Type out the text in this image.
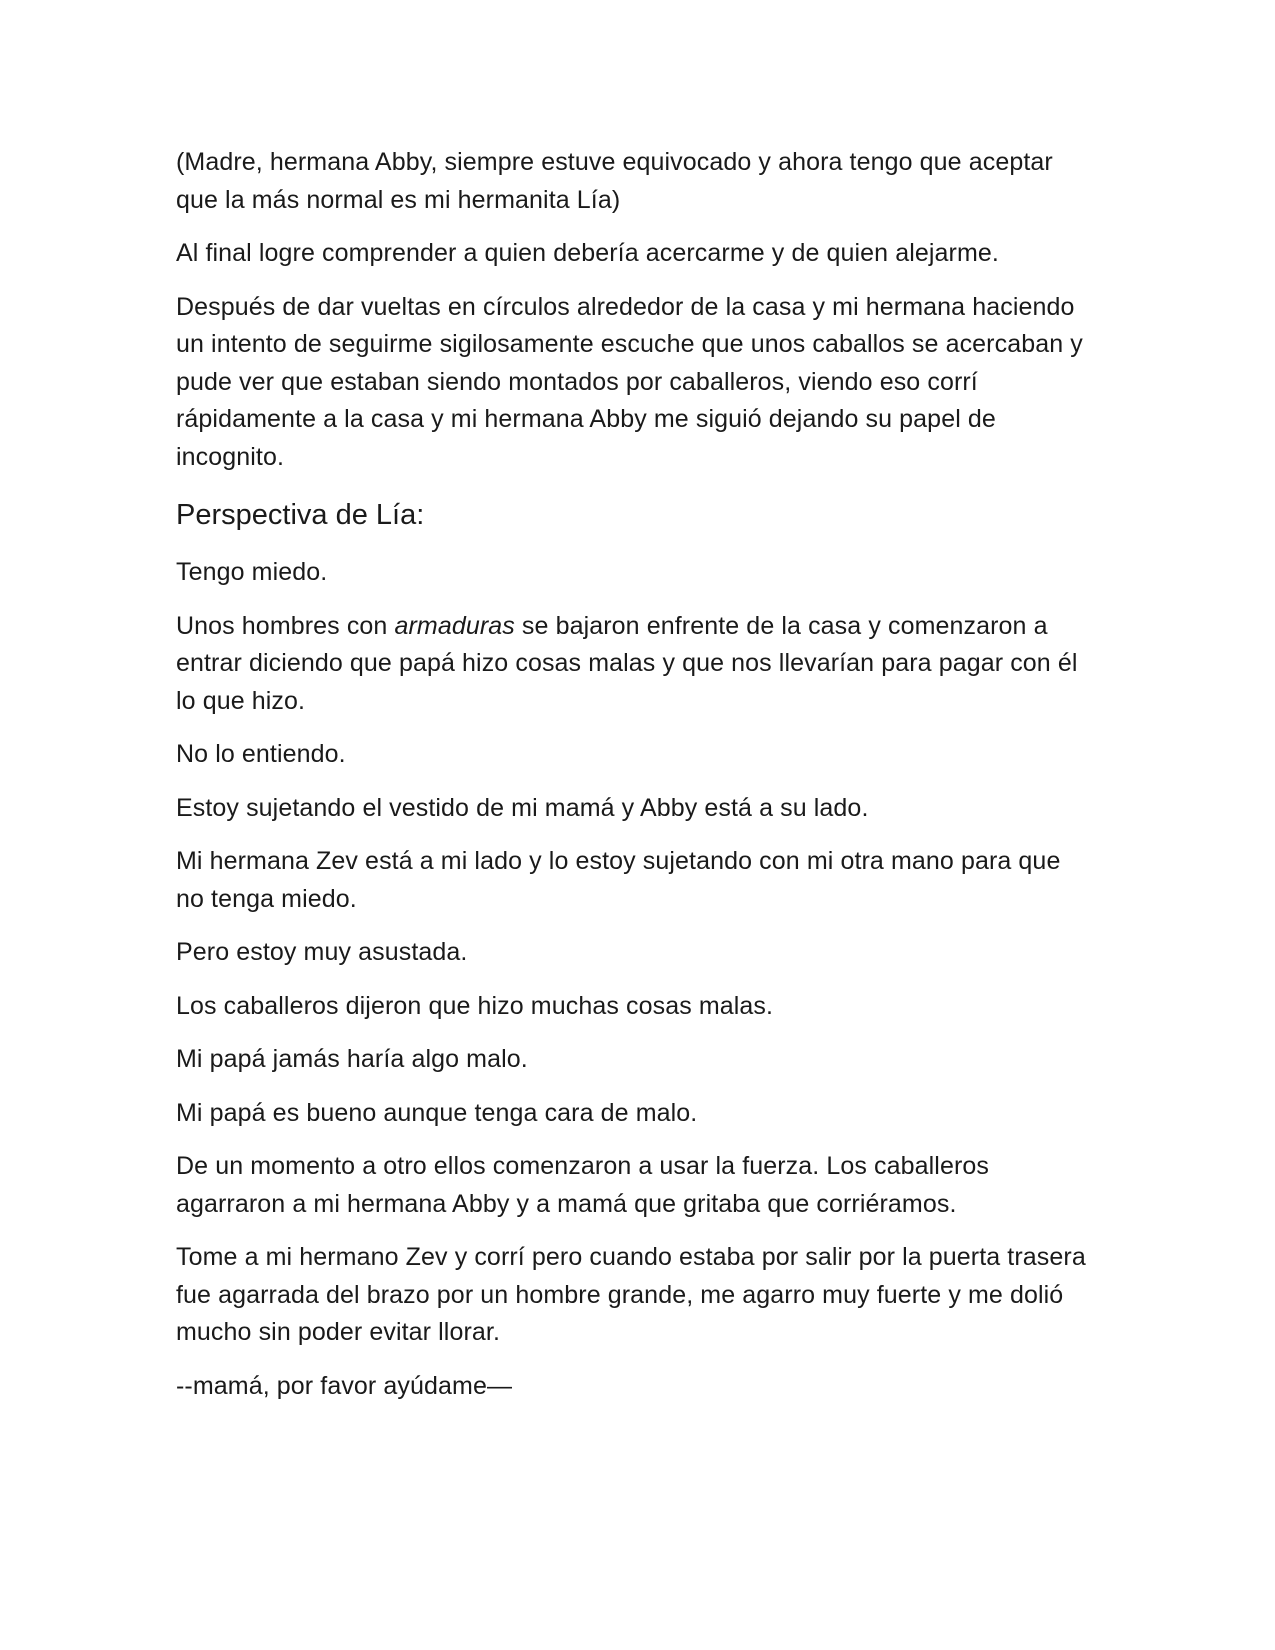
(Madre, hermana Abby, siempre estuve equivocado y ahora tengo que aceptar que la más normal es mi hermanita Lía)

Al final logre comprender a quien debería acercarme y de quien alejarme.

Después de dar vueltas en círculos alrededor de la casa y mi hermana haciendo un intento de seguirme sigilosamente escuche que unos caballos se acercaban y pude ver que estaban siendo montados por caballeros, viendo eso corrí rápidamente a la casa y mi hermana Abby me siguió dejando su papel de incognito.

Perspectiva de Lía:

Tengo miedo.

Unos hombres con armaduras se bajaron enfrente de la casa y comenzaron a entrar diciendo que papá hizo cosas malas y que nos llevarían para pagar con él lo que hizo.

No lo entiendo.

Estoy sujetando el vestido de mi mamá y Abby está a su lado.

Mi hermana Zev está a mi lado y lo estoy sujetando con mi otra mano para que no tenga miedo.

Pero estoy muy asustada.

Los caballeros dijeron que hizo muchas cosas malas.

Mi papá jamás haría algo malo.

Mi papá es bueno aunque tenga cara de malo.

De un momento a otro ellos comenzaron a usar la fuerza. Los caballeros agarraron a mi hermana Abby y a mamá que gritaba que corriéramos.

Tome a mi hermano Zev y corrí pero cuando estaba por salir por la puerta trasera fue agarrada del brazo por un hombre grande, me agarro muy fuerte y me dolió mucho sin poder evitar llorar.

--mamá, por favor ayúdame—
